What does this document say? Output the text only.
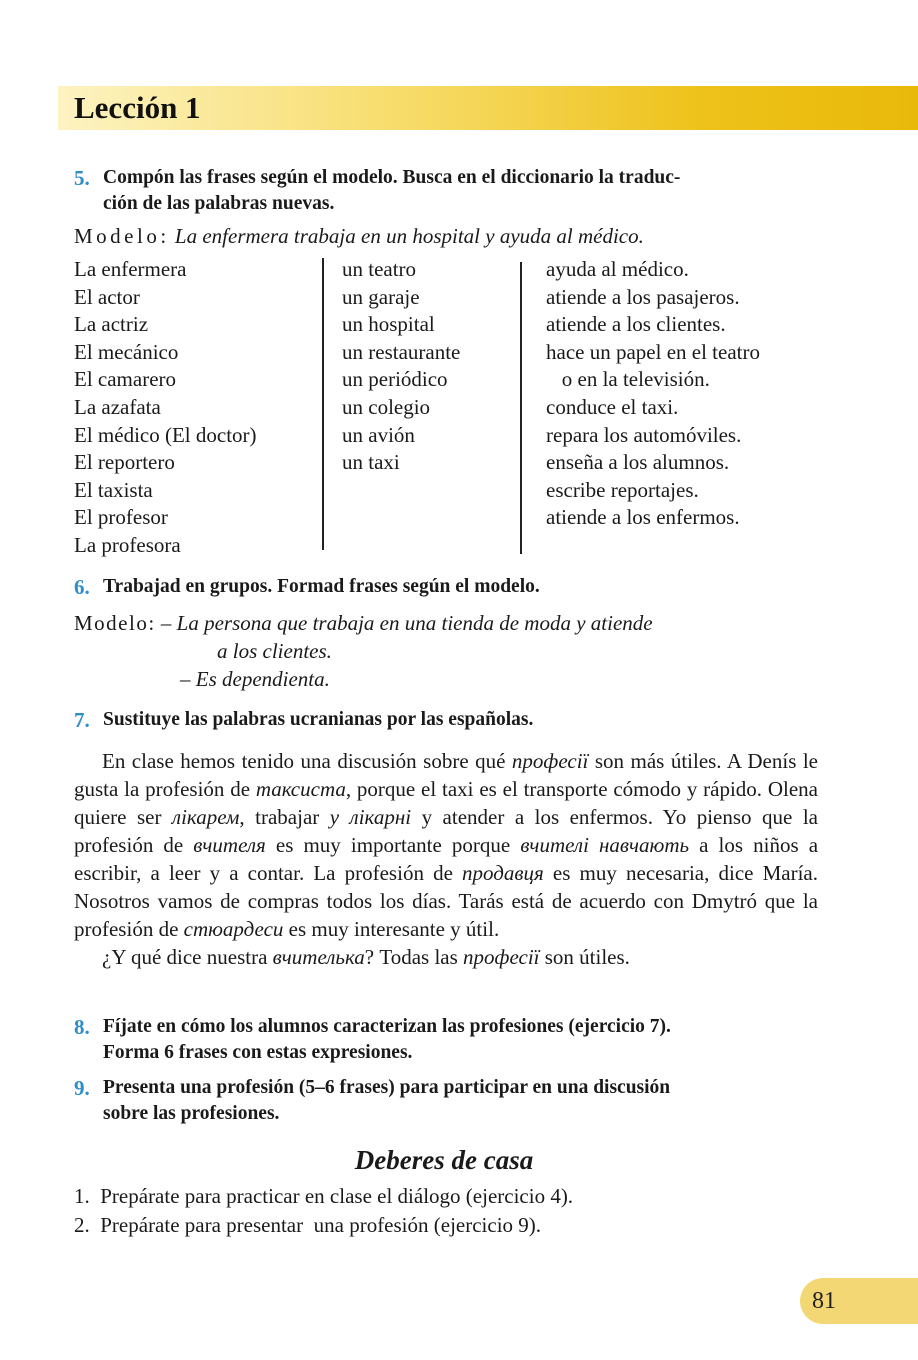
Lección 1
5. Compón las frases según el modelo. Busca en el diccionario la traduc-
ción de las palabras nuevas.
Modelo: La enfermera trabaja en un hospital y ayuda al médico.
La enfermera
El actor
La actriz
El mecánico
El camarero
La azafata
El médico (El doctor)
El reportero
El taxista
El profesor
La profesora
un teatro
un garaje
un hospital
un restaurante
un periódico
un colegio
un avión
un taxi
ayuda al médico.
atiende a los pasajeros.
atiende a los clientes.
hace un papel en el teatro
o en la televisión.
conduce el taxi.
repara los automóviles.
enseña a los alumnos.
escribe reportajes.
atiende a los enfermos.
6. Trabajad en grupos. Formad frases según el modelo.
Modelo: – La persona que trabaja en una tienda de moda y atiende
a los clientes.
– Es dependienta.
7. Sustituye las palabras ucranianas por las españolas.

En clase hemos tenido una discusión sobre qué професії son más útiles. A Denís le gusta la profesión de таксиста, porque el taxi es el transporte cómodo y rápido. Olena quiere ser лікарем, trabajar у лікарні y atender a los enfermos. Yo pienso que la profesión de вчителя es muy importante porque вчителі навчають a los niños a escribir, a leer y a contar. La profesión de продавця es muy necesaria, dice María. Nosotros vamos de compras todos los días. Tarás está de acuerdo con Dmytró que la profesión de стюардеси es muy interesante y útil.

¿Y qué dice nuestra вчителька? Todas las професії son útiles.

8. Fíjate en cómo los alumnos caracterizan las profesiones (ejercicio 7).
Forma 6 frases con estas expresiones.
9. Presenta una profesión (5–6 frases) para participar en una discusión
sobre las profesiones.
Deberes de casa
1.  Prepárate para practicar en clase el diálogo (ejercicio 4).
2.  Prepárate para presentar  una profesión (ejercicio 9).
81
